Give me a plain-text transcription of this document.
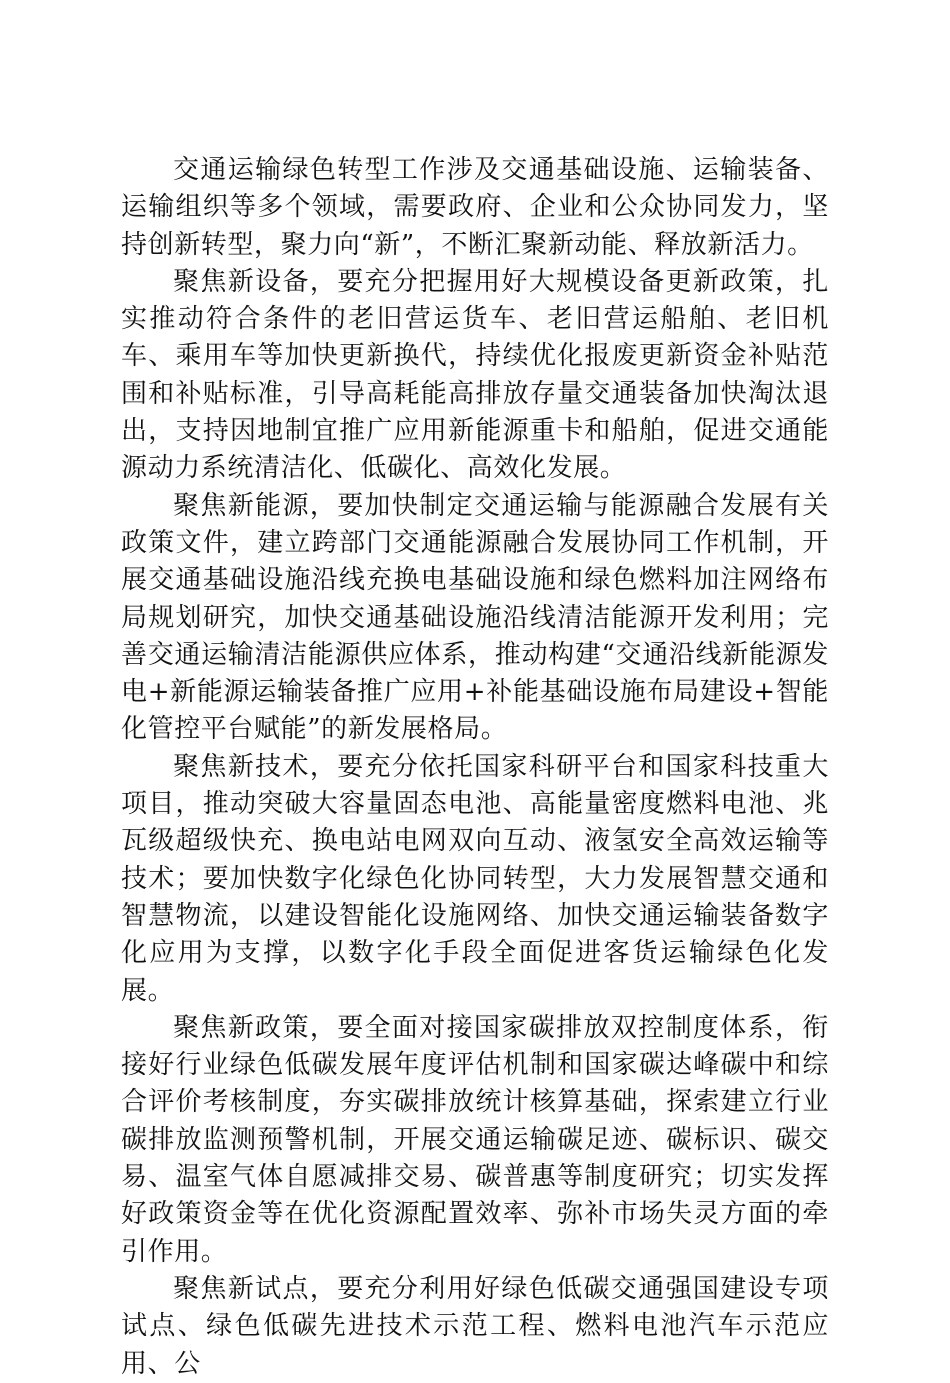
交通运输绿色转型工作涉及交通基础设施、运输装备、运输组织等多个领域，需要政府、企业和公众协同发力，坚持创新转型，聚力向“新”，不断汇聚新动能、释放新活力。

聚焦新设备，要充分把握用好大规模设备更新政策，扎实推动符合条件的老旧营运货车、老旧营运船舶、老旧机车、乘用车等加快更新换代，持续优化报废更新资金补贴范围和补贴标准，引导高耗能高排放存量交通装备加快淘汰退出，支持因地制宜推广应用新能源重卡和船舶，促进交通能源动力系统清洁化、低碳化、高效化发展。

聚焦新能源，要加快制定交通运输与能源融合发展有关政策文件，建立跨部门交通能源融合发展协同工作机制，开展交通基础设施沿线充换电基础设施和绿色燃料加注网络布局规划研究，加快交通基础设施沿线清洁能源开发利用；完善交通运输清洁能源供应体系，推动构建“交通沿线新能源发电+新能源运输装备推广应用+补能基础设施布局建设+智能化管控平台赋能”的新发展格局。

聚焦新技术，要充分依托国家科研平台和国家科技重大项目，推动突破大容量固态电池、高能量密度燃料电池、兆瓦级超级快充、换电站电网双向互动、液氢安全高效运输等技术；要加快数字化绿色化协同转型，大力发展智慧交通和智慧物流，以建设智能化设施网络、加快交通运输装备数字化应用为支撑，以数字化手段全面促进客货运输绿色化发展。

聚焦新政策，要全面对接国家碳排放双控制度体系，衔接好行业绿色低碳发展年度评估机制和国家碳达峰碳中和综合评价考核制度，夯实碳排放统计核算基础，探索建立行业碳排放监测预警机制，开展交通运输碳足迹、碳标识、碳交易、温室气体自愿减排交易、碳普惠等制度研究；切实发挥好政策资金等在优化资源配置效率、弥补市场失灵方面的牵引作用。

聚焦新试点，要充分利用好绿色低碳交通强国建设专项试点、绿色低碳先进技术示范工程、燃料电池汽车示范应用、公
